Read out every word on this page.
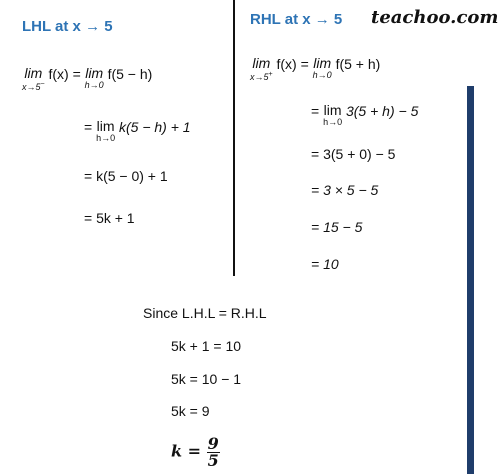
teachoo.com
LHL at x → 5
lim
x→5−
f(x) = lim
h→0
f(5 − h)
= lim
h→0
k(5 − h) + 1
= k(5 − 0) + 1
= 5k + 1
RHL at x → 5
lim
x→5+
f(x) = lim
h→0
f(5 + h)
= lim
h→0
3(5 + h) − 5
= 3(5 + 0) − 5
= 3 × 5 − 5
= 15 − 5
= 10
Since L.H.L = R.H.L
5k + 1 = 10
5k = 10 − 1
5k = 9
$k = \frac{9}{5}$
